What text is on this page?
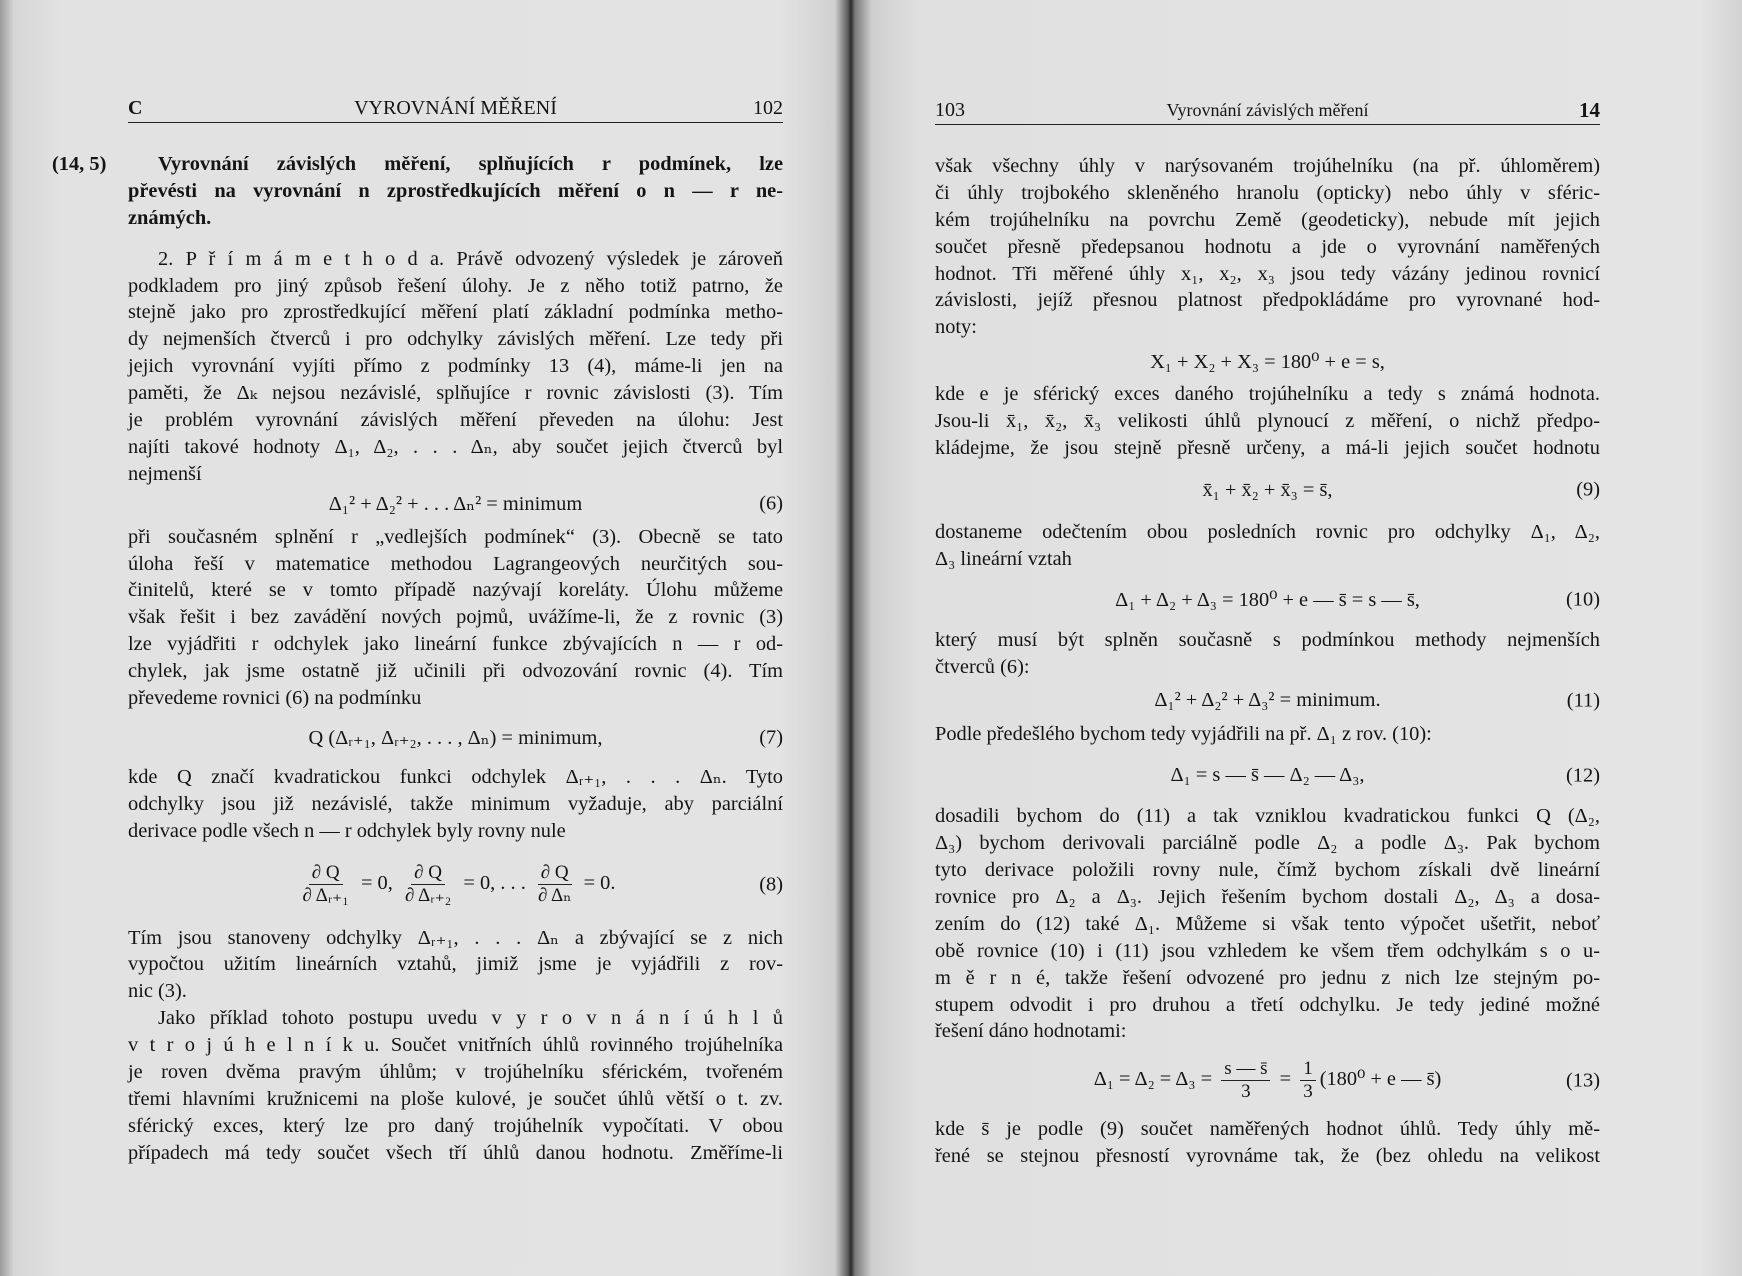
C	VYROVNÁNÍ MĚŘENÍ	102
(14, 5)	Vyrovnání závislých měření, splňujících r podmínek, lze
převésti na vyrovnání n zprostředkujících měření o n — r ne-
známých.
2. P ř í m á m e t h o d a. Právě odvozený výsledek je zároveň
podkladem pro jiný způsob řešení úlohy. Je z něho totiž patrno, že
stejně jako pro zprostředkující měření platí základní podmínka metho-
dy nejmenších čtverců i pro odchylky závislých měření. Lze tedy při
jejich vyrovnání vyjíti přímo z podmínky 13 (4), máme-li jen na
paměti, že Δₖ nejsou nezávislé, splňujíce r rovnic závislosti (3). Tím
je problém vyrovnání závislých měření převeden na úlohu: Jest
najíti takové hodnoty Δ₁, Δ₂, . . . Δₙ, aby součet jejich čtverců byl
nejmenší
Δ₁² + Δ₂² + . . . Δₙ² = minimum	(6)
při současném splnění r „vedlejších podmínek“ (3). Obecně se tato
úloha řeší v matematice methodou Lagrangeových neurčitých sou-
činitelů, které se v tomto případě nazývají koreláty. Úlohu můžeme
však řešit i bez zavádění nových pojmů, uvážíme-li, že z rovnic (3)
lze vyjádřiti r odchylek jako lineární funkce zbývajících n — r od-
chylek, jak jsme ostatně již učinili při odvozování rovnic (4). Tím
převedeme rovnici (6) na podmínku
Q (Δᵣ₊₁, Δᵣ₊₂, . . . , Δₙ) = minimum,	(7)
kde Q značí kvadratickou funkci odchylek Δᵣ₊₁, . . . Δₙ. Tyto
odchylky jsou již nezávislé, takže minimum vyžaduje, aby parciální
derivace podle všech n — r odchylek byly rovny nule
$\frac{\partial Q}{\text{∂ Δᵣ₊₁}} = 0$, $\frac{\partial Q}{\text{∂ Δᵣ₊₂}} = 0$, . . . $\frac{\partial Q}{\text{∂ Δₙ}} = 0$.	(8)
Tím jsou stanoveny odchylky Δᵣ₊₁, . . . Δₙ a zbývající se z nich
vypočtou užitím lineárních vztahů, jimiž jsme je vyjádřili z rov-
nic (3).
Jako příklad tohoto postupu uvedu v y r o v n á n í ú h l ů
v t r o j ú h e l n í k u. Součet vnitřních úhlů rovinného trojúhelníka
je roven dvěma pravým úhlům; v trojúhelníku sférickém, tvořeném
třemi hlavními kružnicemi na ploše kulové, je součet úhlů větší o t. zv.
sférický exces, který lze pro daný trojúhelník vypočítati. V obou
případech má tedy součet všech tří úhlů danou hodnotu. Změříme-li
103	Vyrovnání závislých měření	14
však všechny úhly v narýsovaném trojúhelníku (na př. úhloměrem)
či úhly trojbokého skleněného hranolu (opticky) nebo úhly v sféric-
kém trojúhelníku na povrchu Země (geodeticky), nebude mít jejich
součet přesně předepsanou hodnotu a jde o vyrovnání naměřených
hodnot. Tři měřené úhly x₁, x₂, x₃ jsou tedy vázány jedinou rovnicí
závislosti, jejíž přesnou platnost předpokládáme pro vyrovnané hod-
noty:
X₁ + X₂ + X₃ = 180⁰ + e = s,
kde e je sférický exces daného trojúhelníku a tedy s známá hodnota.
Jsou-li x̄₁, x̄₂, x̄₃ velikosti úhlů plynoucí z měření, o nichž předpo-
kládejme, že jsou stejně přesně určeny, a má-li jejich součet hodnotu
x̄₁ + x̄₂ + x̄₃ = s̄,	(9)
dostaneme odečtením obou posledních rovnic pro odchylky Δ₁, Δ₂,
Δ₃ lineární vztah
Δ₁ + Δ₂ + Δ₃ = 180⁰ + e — s̄ = s — s̄,	(10)
který musí být splněn současně s podmínkou methody nejmenších
čtverců (6):
Δ₁² + Δ₂² + Δ₃² = minimum.	(11)
Podle předešlého bychom tedy vyjádřili na př. Δ₁ z rov. (10):
Δ₁ = s — s̄ — Δ₂ — Δ₃,	(12)
dosadili bychom do (11) a tak vzniklou kvadratickou funkci Q (Δ₂,
Δ₃) bychom derivovali parciálně podle Δ₂ a podle Δ₃. Pak bychom
tyto derivace položili rovny nule, čímž bychom získali dvě lineární
rovnice pro Δ₂ a Δ₃. Jejich řešením bychom dostali Δ₂, Δ₃ a dosa-
zením do (12) také Δ₁. Můžeme si však tento výpočet ušetřit, neboť
obě rovnice (10) i (11) jsou vzhledem ke všem třem odchylkám s o u-
m ě r n é, takže řešení odvozené pro jednu z nich lze stejným po-
stupem odvodit i pro druhou a třetí odchylku. Je tedy jediné možné
řešení dáno hodnotami:
$\Delta_1 = \Delta_2 = \Delta_3 = \frac{s — s̄}{3} = \frac{1}{3} (180^0 + e$ — s̄)	(13)
kde s̄ je podle (9) součet naměřených hodnot úhlů. Tedy úhly mě-
řené se stejnou přesností vyrovnáme tak, že (bez ohledu na velikost
